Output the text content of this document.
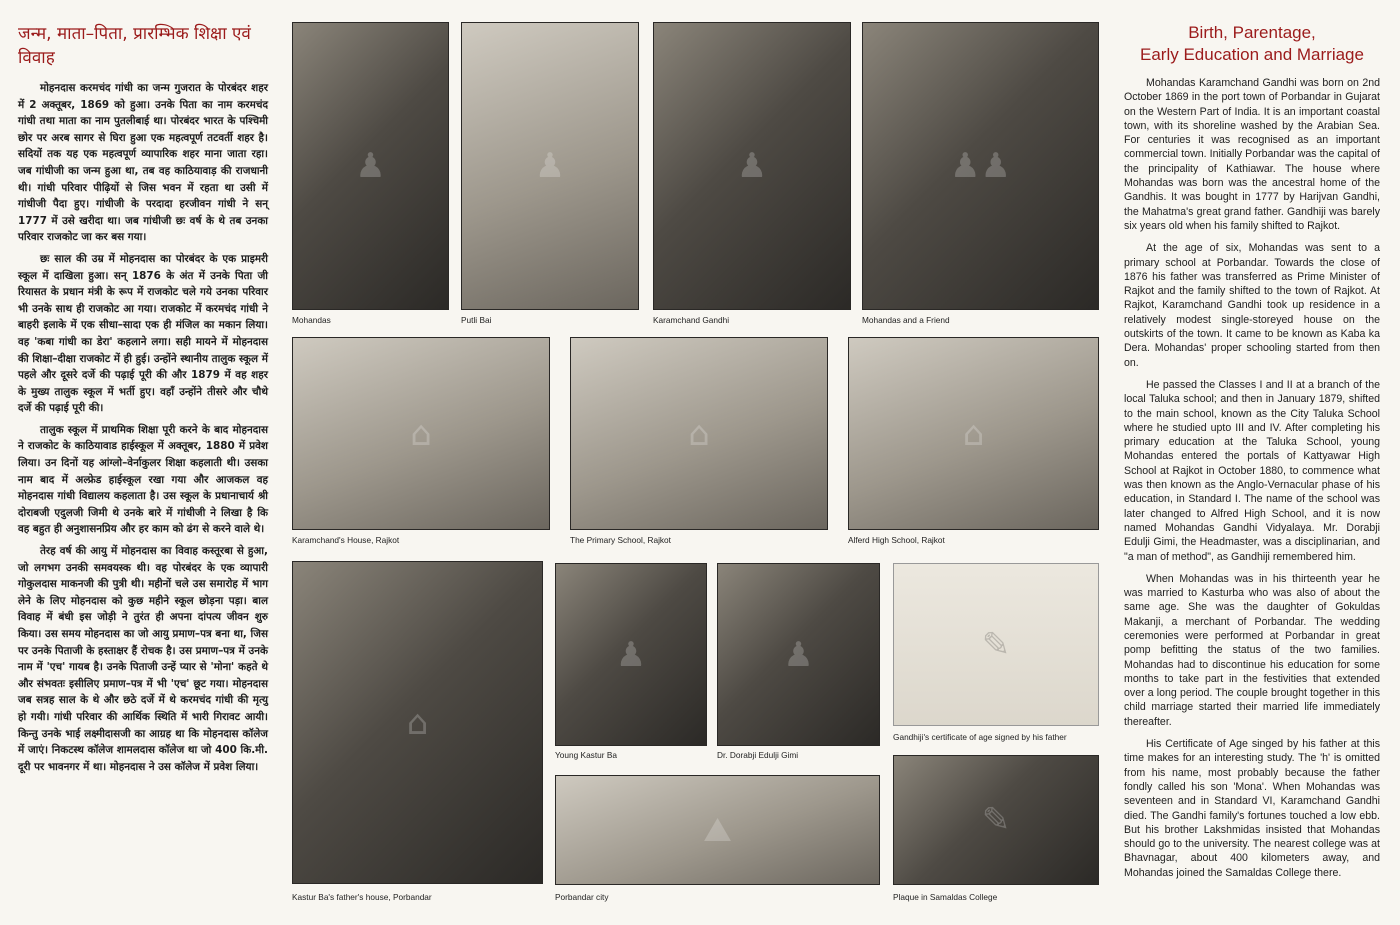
जन्म, माता–पिता, प्रारम्भिक शिक्षा एवं विवाह

मोहनदास करमचंद गांधी का जन्म गुजरात के पोरबंदर शहर में 2 अक्तूबर, 1869 को हुआ। उनके पिता का नाम करमचंद गांधी तथा माता का नाम पुतलीबाई था। पोरबंदर भारत के पश्चिमी छोर पर अरब सागर से घिरा हुआ एक महत्वपूर्ण तटवर्ती शहर है। सदियों तक यह एक महत्वपूर्ण व्यापारिक शहर माना जाता रहा। जब गांधीजी का जन्म हुआ था, तब वह काठियावाड़ की राजधानी थी। गांधी परिवार पीढ़ियों से जिस भवन में रहता था उसी में गांधीजी पैदा हुए। गांधीजी के परदादा हरजीवन गांधी ने सन् 1777 में उसे खरीदा था। जब गांधीजी छः वर्ष के थे तब उनका परिवार राजकोट जा कर बस गया।

छः साल की उम्र में मोहनदास का पोरबंदर के एक प्राइमरी स्कूल में दाखिला हुआ। सन् 1876 के अंत में उनके पिता जी रियासत के प्रधान मंत्री के रूप में राजकोट चले गये उनका परिवार भी उनके साथ ही राजकोट आ गया। राजकोट में करमचंद गांधी ने बाहरी इलाके में एक सीधा–सादा एक ही मंजिल का मकान लिया। वह 'कबा गांधी का डेरा' कहलाने लगा। सही मायने में मोहनदास की शिक्षा–दीक्षा राजकोट में ही हुई। उन्होंने स्थानीय तालुक स्कूल में पहले और दूसरे दर्जे की पढ़ाई पूरी की और 1879 में वह शहर के मुख्य तालुक स्कूल में भर्ती हुए। वहाँ उन्होंने तीसरे और चौथे दर्जे की पढ़ाई पूरी की।

तालुक स्कूल में प्राथमिक शिक्षा पूरी करने के बाद मोहनदास ने राजकोट के काठियावाड हाईस्कूल में अक्तूबर, 1880 में प्रवेश लिया। उन दिनों यह आंग्लो–वेर्नाकुलर शिक्षा कहलाती थी। उसका नाम बाद में अल्फ्रेड हाईस्कूल रखा गया और आजकल वह मोहनदास गांधी विद्यालय कहलाता है। उस स्कूल के प्रधानाचार्य श्री दोराबजी एदुलजी जिमी थे उनके बारे में गांधीजी ने लिखा है कि वह बहुत ही अनुशासनप्रिय और हर काम को ढंग से करने वाले थे।

तेरह वर्ष की आयु में मोहनदास का विवाह कस्तूरबा से हुआ, जो लगभग उनकी समवयस्क थी। वह पोरबंदर के एक व्यापारी गोकुलदास माकनजी की पुत्री थी। महीनों चले उस समारोह में भाग लेने के लिए मोहनदास को कुछ महीने स्कूल छोड़ना पड़ा। बाल विवाह में बंधी इस जोड़ी ने तुरंत ही अपना दांपत्य जीवन शुरु किया। उस समय मोहनदास का जो आयु प्रमाण–पत्र बना था, जिस पर उनके पिताजी के हस्ताक्षर हैं रोचक है। उस प्रमाण–पत्र में उनके नाम में 'एच' गायब है। उनके पिताजी उन्हें प्यार से 'मोना' कहते थे और संभवतः इसीलिए प्रमाण–पत्र में भी 'एच' छूट गया। मोहनदास जब सत्रह साल के थे और छठे दर्जे में थे करमचंद गांधी की मृत्यु हो गयी। गांधी परिवार की आर्थिक स्थिति में भारी गिरावट आयी। किन्तु उनके भाई लक्ष्मीदासजी का आग्रह था कि मोहनदास कॉलेज में जाएं। निकटस्थ कॉलेज शामलदास कॉलेज था जो 400 कि.मी. दूरी पर भावनगर में था। मोहनदास ने उस कॉलेज में प्रवेश लिया।

♟
Mohandas
♟
Putli Bai
♟
Karamchand Gandhi
♟♟
Mohandas and a Friend
⌂
Karamchand's House, Rajkot
⌂
The Primary School, Rajkot
⌂
Alferd High School, Rajkot
⌂
Kastur Ba's father's house, Porbandar
♟
Young Kastur Ba
♟
Dr. Dorabji Edulji Gimi
✎
Gandhiji's certificate of age signed by his father
⛰
Porbandar city
✎
Plaque in Samaldas College
Birth, Parentage,
Early Education and Marriage

Mohandas Karamchand Gandhi was born on 2nd October 1869 in the port town of Porbandar in Gujarat on the Western Part of India. It is an important coastal town, with its shoreline washed by the Arabian Sea. For centuries it was recognised as an important commercial town. Initially Porbandar was the capital of the principality of Kathiawar. The house where Mohandas was born was the ancestral home of the Gandhis. It was bought in 1777 by Harijvan Gandhi, the Mahatma's great grand father. Gandhiji was barely six years old when his family shifted to Rajkot.

At the age of six, Mohandas was sent to a primary school at Porbandar. Towards the close of 1876 his father was transferred as Prime Minister of Rajkot and the family shifted to the town of Rajkot. At Rajkot, Karamchand Gandhi took up residence in a relatively modest single-storeyed house on the outskirts of the town. It came to be known as Kaba ka Dera. Mohandas' proper schooling started from then on.

He passed the Classes I and II at a branch of the local Taluka school; and then in January 1879, shifted to the main school, known as the City Taluka School where he studied upto III and IV. After completing his primary education at the Taluka School, young Mohandas entered the portals of Kattyawar High School at Rajkot in October 1880, to commence what was then known as the Anglo-Vernacular phase of his education, in Standard I. The name of the school was later changed to Alfred High School, and it is now named Mohandas Gandhi Vidyalaya. Mr. Dorabji Edulji Gimi, the Headmaster, was a disciplinarian, and "a man of method", as Gandhiji remembered him.

When Mohandas was in his thirteenth year he was married to Kasturba who was also of about the same age. She was the daughter of Gokuldas Makanji, a merchant of Porbandar. The wedding ceremonies were performed at Porbandar in great pomp befitting the status of the two families. Mohandas had to discontinue his education for some months to take part in the festivities that extended over a long period. The couple brought together in this child marriage started their married life immediately thereafter.

His Certificate of Age singed by his father at this time makes for an interesting study. The 'h' is omitted from his name, most probably because the father fondly called his son 'Mona'. When Mohandas was seventeen and in Standard VI, Karamchand Gandhi died. The Gandhi family's fortunes touched a low ebb. But his brother Lakshmidas insisted that Mohandas should go to the university. The nearest college was at Bhavnagar, about 400 kilometers away, and Mohandas joined the Samaldas College there.
